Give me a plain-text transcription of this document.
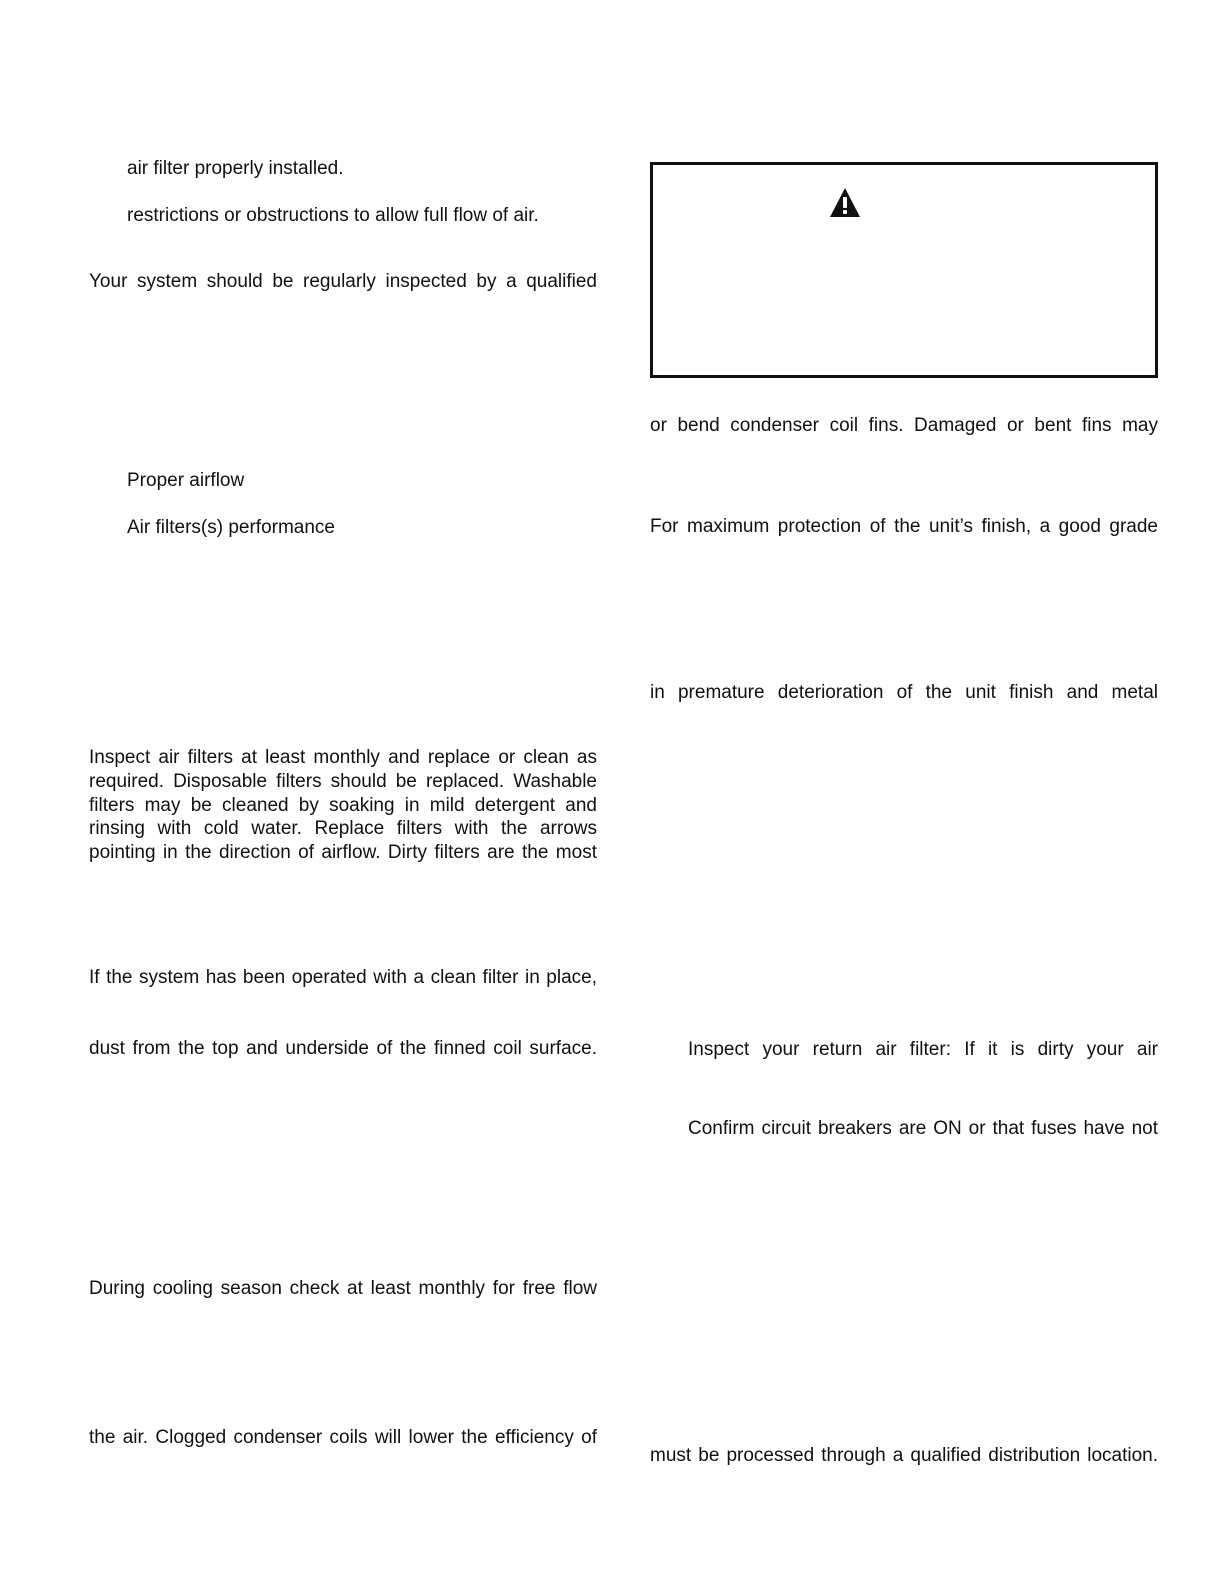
air filter properly installed.
restrictions or obstructions to allow full flow of air.
Your system should be regularly inspected by a qualified
Proper airflow
Air filters(s) performance
Inspect air filters at least monthly and replace or clean as
required. Disposable filters should be replaced. Washable
filters may be cleaned by soaking in mild detergent and
rinsing with cold water. Replace filters with the arrows
pointing in the direction of airflow. Dirty filters are the most
If the system has been operated with a clean filter in place,
dust from the top and underside of the finned coil surface.
During cooling season check at least monthly for free flow
the air. Clogged condenser coils will lower the efficiency of
or bend condenser coil fins. Damaged or bent fins may
For maximum protection of the unit’s finish, a good grade
in premature deterioration of the unit finish and metal
Inspect your return air filter: If it is dirty your air
Confirm circuit breakers are ON or that fuses have not
must be processed through a qualified distribution location.
